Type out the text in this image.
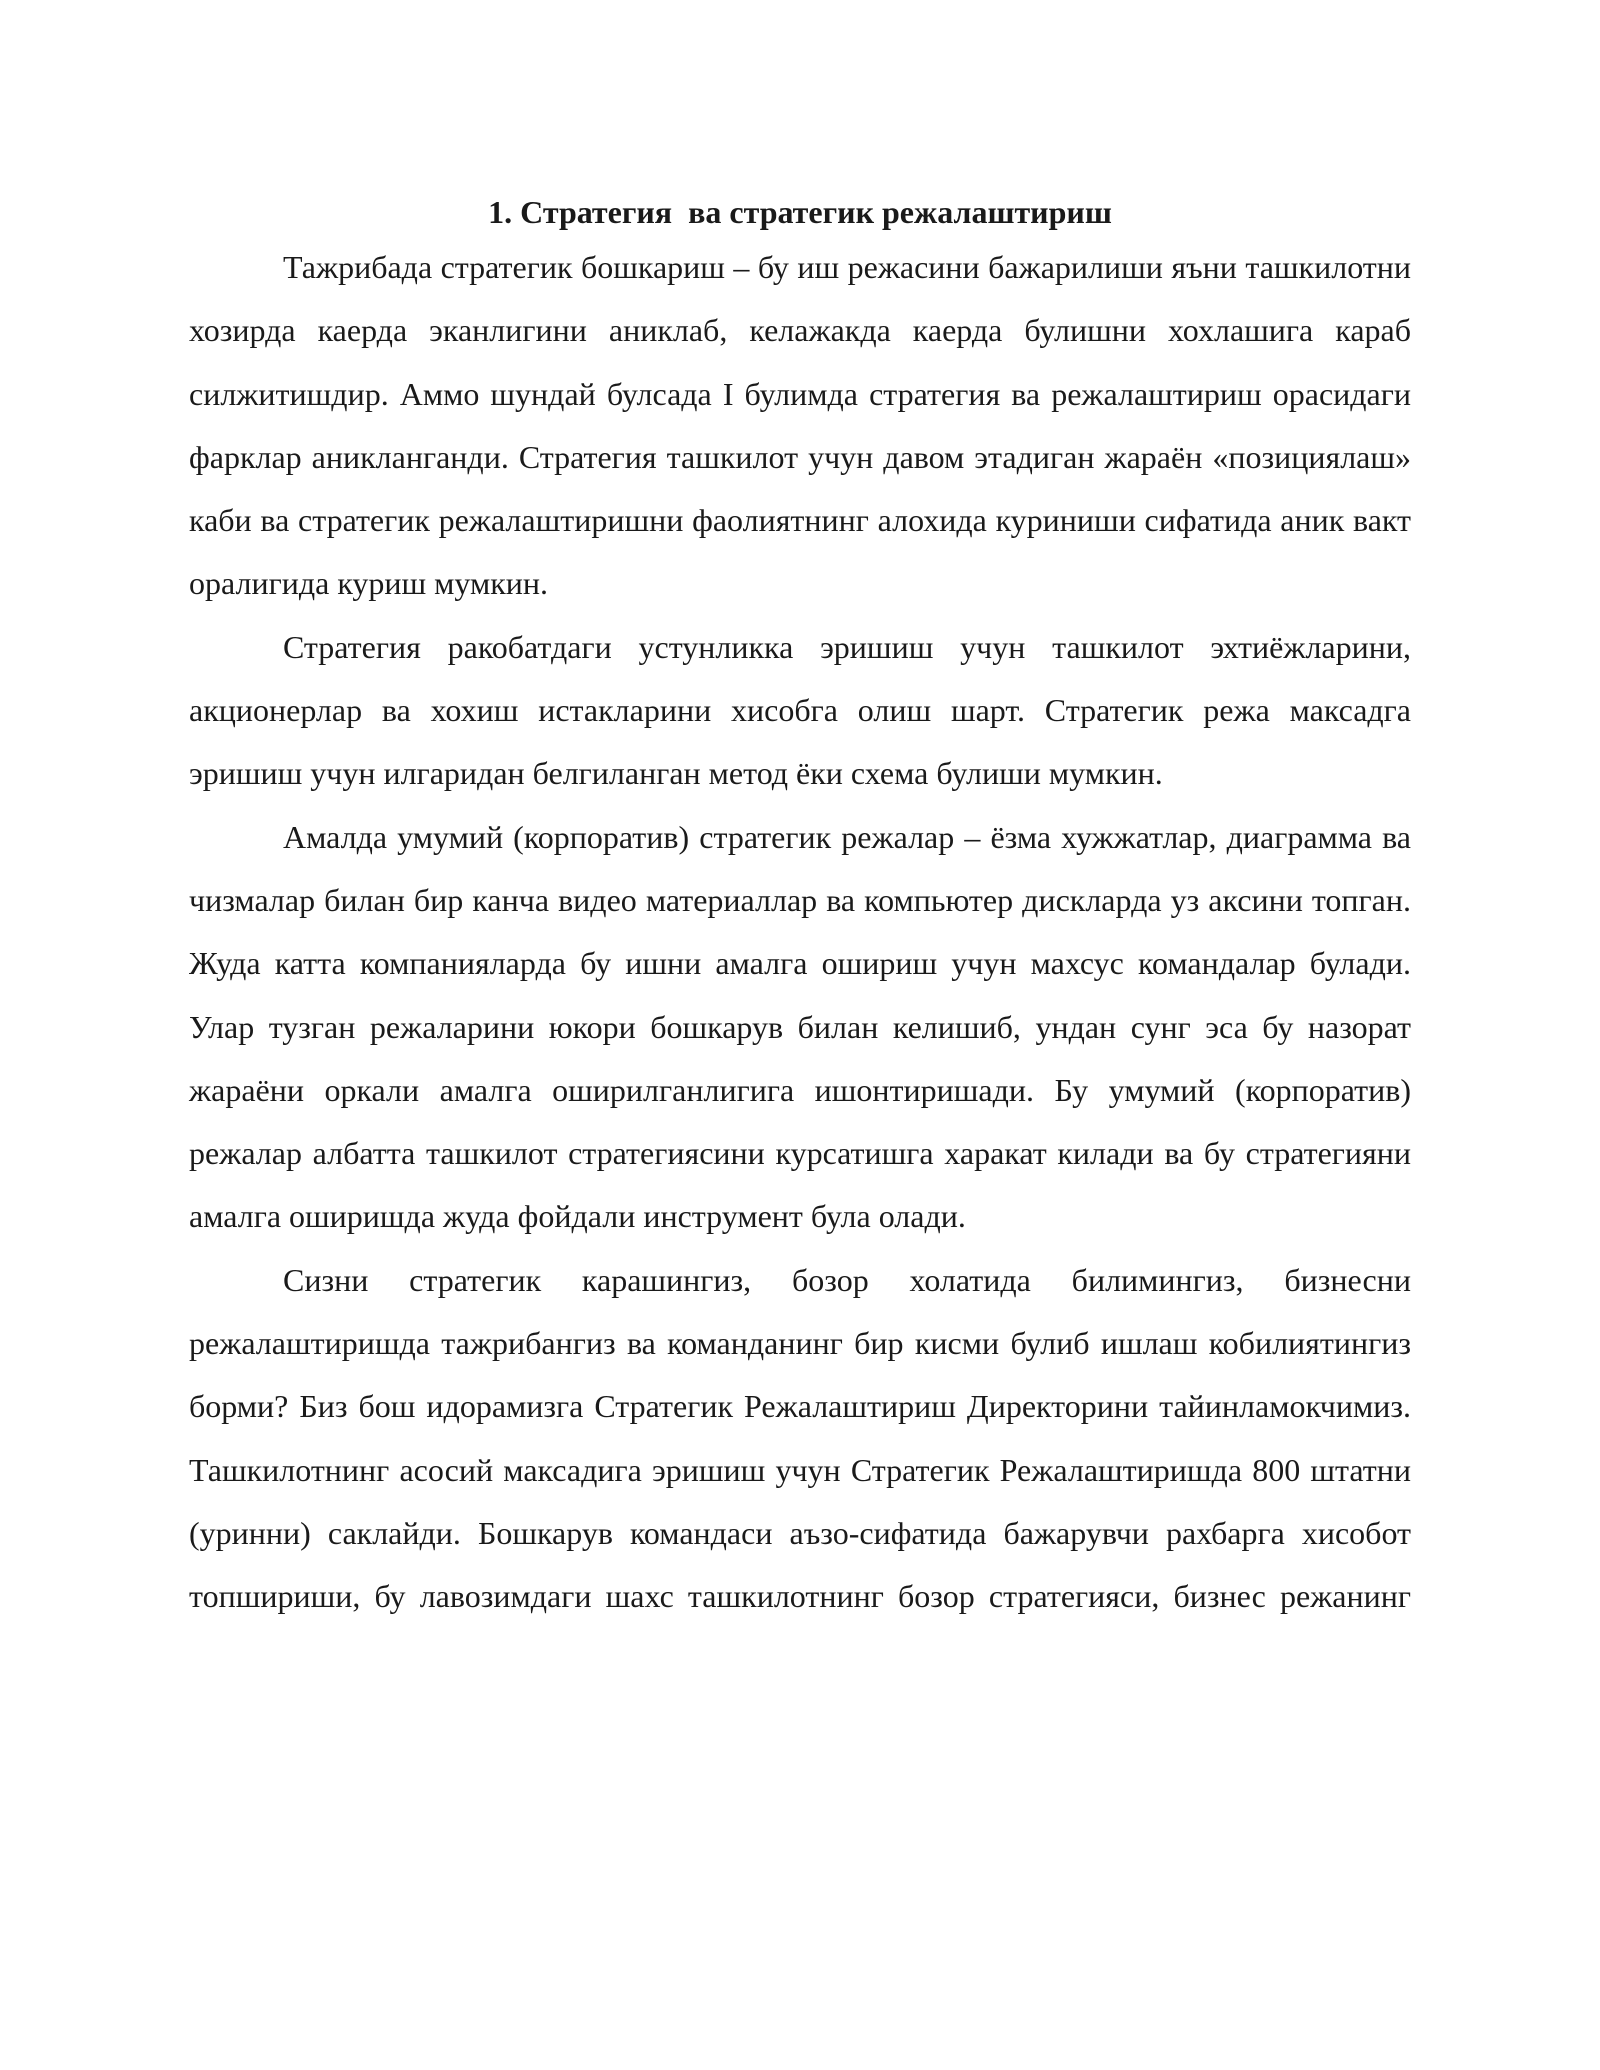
1. Стратегия  ва стратегик режалаштириш

Тажрибада стратегик бошкариш – бу иш режасини бажарилиши яъни ташкилотни хозирда каерда эканлигини аниклаб, келажакда каерда булишни хохлашига караб силжитишдир. Аммо шундай булсада I булимда стратегия ва режалаштириш орасидаги фарклар аникланганди. Стратегия ташкилот учун давом этадиган жараён «позициялаш» каби ва стратегик режалаштиришни фаолиятнинг алохида куриниши сифатида аник вакт оралигида куриш мумкин.

Стратегия ракобатдаги устунликка эришиш учун ташкилот эхтиёжларини, акционерлар ва хохиш истакларини хисобга олиш шарт. Стратегик режа максадга эришиш учун илгаридан белгиланган метод ёки схема булиши мумкин.

Амалда умумий (корпоратив) стратегик режалар – ёзма хужжатлар, диаграмма ва чизмалар билан бир канча видео материаллар ва компьютер дискларда уз аксини топган. Жуда катта компанияларда бу ишни амалга ошириш учун махсус командалар булади. Улар тузган режаларини юкори бошкарув билан келишиб, ундан сунг эса бу назорат жараёни оркали амалга оширилганлигига ишонтиришади. Бу умумий (корпоратив) режалар албатта ташкилот стратегиясини курсатишга харакат килади ва бу стратегияни амалга оширишда жуда фойдали инструмент була олади.

Сизни стратегик карашингиз, бозор холатида билимингиз, бизнесни режалаштиришда тажрибангиз ва команданинг бир кисми булиб ишлаш кобилиятингиз борми? Биз бош идорамизга Стратегик Режалаштириш Директорини тайинламокчимиз. Ташкилотнинг асосий максадига эришиш учун Стратегик Режалаштиришда 800 штатни (уринни) саклайди. Бошкарув командаси аъзо-сифатида бажарувчи рахбарга хисобот топшириши, бу лавозимдаги шахс ташкилотнинг бозор стратегияси, бизнес режанинг
